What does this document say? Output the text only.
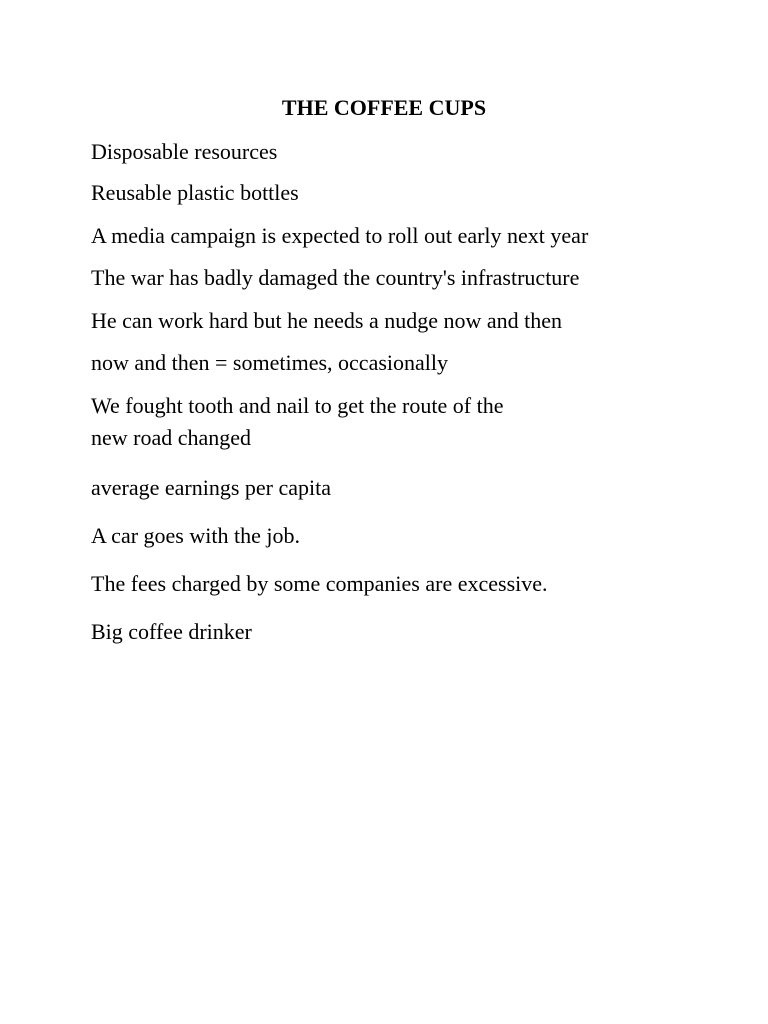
THE COFFEE CUPS
Disposable resources
Reusable plastic bottles
A media campaign is expected to roll out early next year
The war has badly damaged the country's infrastructure
He can work hard but he needs a nudge now and then
now and then = sometimes, occasionally
We fought tooth and nail to get the route of the
new road changed
average earnings per capita
A car goes with the job.
The fees charged by some companies are excessive.
Big coffee drinker
